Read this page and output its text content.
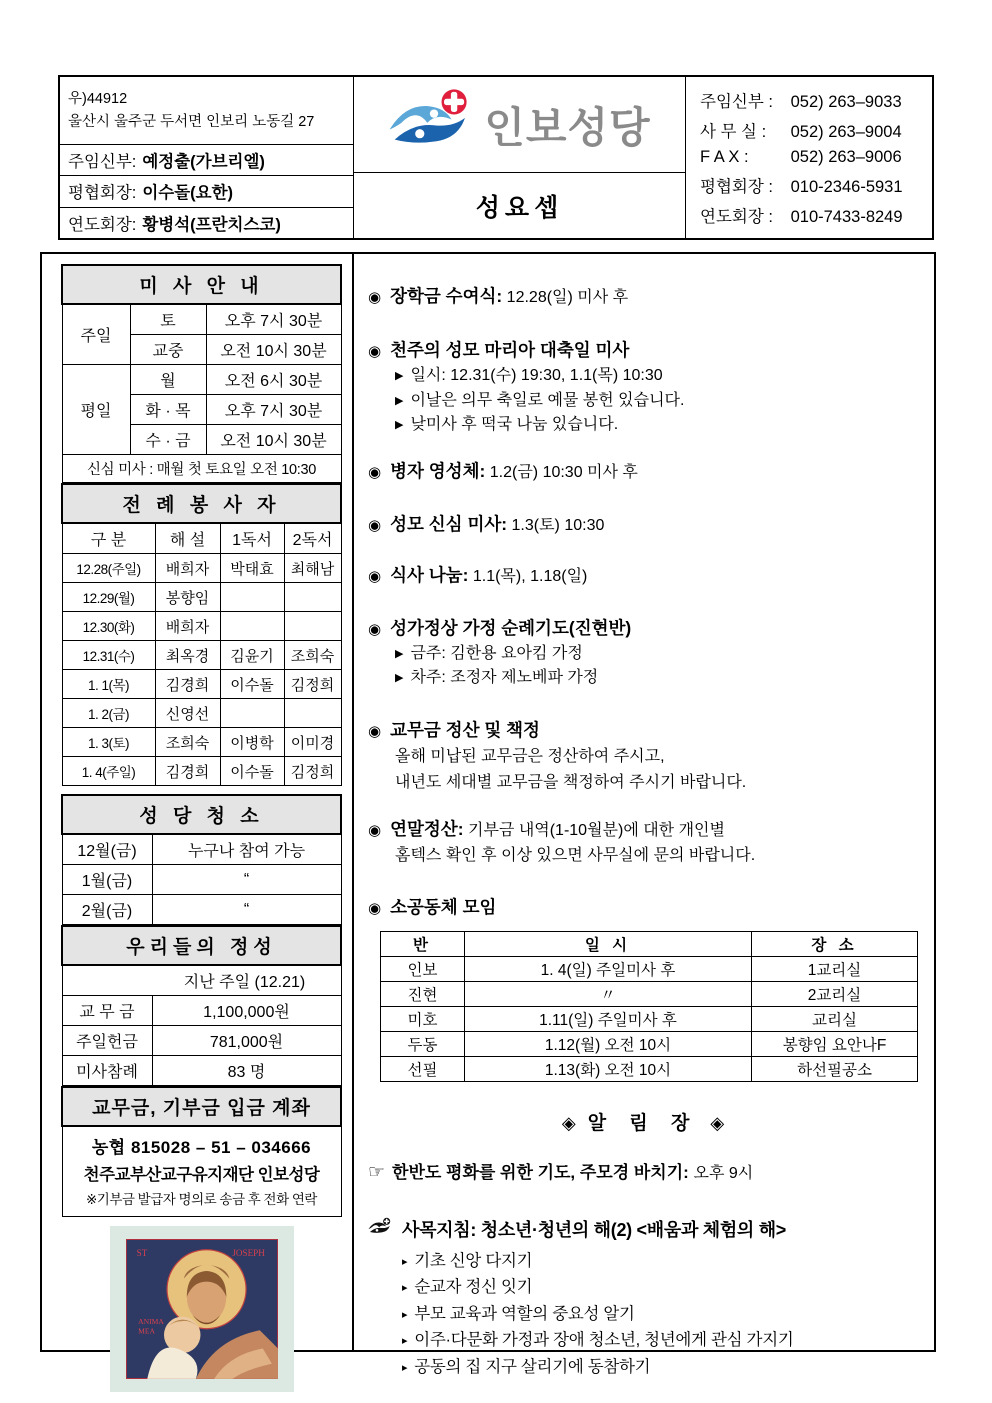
우)44912
울산시 울주군 두서면 인보리 노동길 27
주임신부: 예정출(가브리엘)
평협회장: 이수돌(요한)
연도회장: 황병석(프란치스코)
인보성당
성요셉
주임신부 : 052) 263–9033
사 무 실 : 052) 263–9004
F A X :	052) 263–9006
평협회장 : 010-2346-5931
연도회장 : 010-7433-8249
미 사 안 내		
주일	토	오후 7시 30분
	교중	오전 10시 30분
평일	월	오전 6시 30분
	화 · 목	오후 7시 30분
	수 · 금	오전 10시 30분
신심 미사 : 매월 첫 토요일 오전 10:30		
전 례 봉 사 자			
구 분	해 설	1독서	2독서
12.28(주일)	배희자	박태효	최해남
12.29(월)	봉향임		
12.30(화)	배희자		
12.31(수)	최옥경	김윤기	조희숙
1. 1(목)	김경희	이수돌	김정희
1. 2(금)	신영선		
1. 3(토)	조희숙	이병학	이미경
1. 4(주일)	김경희	이수돌	김정희
성 당 청 소	
12월(금)	누구나 참여 가능
1월(금)	“
2월(금)	“
우리들의 정성	
지난 주일 (12.21)	
교 무 금	1,100,000원
주일헌금	781,000원
미사참례	83 명
교무금, 기부금 입금 계좌

농협 815028 – 51 – 034666
천주교부산교구유지재단 인보성당
※기부금 발급자 명의로 송금 후 전화 연락
ST	JOSEPH
ANIMA
MEA
◉ 장학금 수여식: 12.28(일) 미사 후
◉ 천주의 성모 마리아 대축일 미사
▶ 일시: 12.31(수) 19:30, 1.1(목) 10:30
▶ 이날은 의무 축일로 예물 봉헌 있습니다.
▶ 낮미사 후 떡국 나눔 있습니다.
◉ 병자 영성체: 1.2(금) 10:30 미사 후
◉ 성모 신심 미사: 1.3(토) 10:30
◉ 식사 나눔: 1.1(목), 1.18(일)
◉ 성가정상 가정 순례기도(진현반)
▶ 금주: 김한용 요아킴 가정
▶ 차주: 조정자 제노베파 가정
◉ 교무금 정산 및 책정
올해 미납된 교무금은 정산하여 주시고,
내년도 세대별 교무금을 책정하여 주시기 바랍니다.
◉ 연말정산: 기부금 내역(1-10월분)에 대한 개인별
홈텍스 확인 후 이상 있으면 사무실에 문의 바랍니다.
◉ 소공동체 모임
반	일 시	장 소
인보	1. 4(일) 주일미사 후	1교리실
진현	〃	2교리실
미호	1.11(일) 주일미사 후	교리실
두동	1.12(월) 오전 10시	봉향임 요안나F
선필	1.13(화) 오전 10시	하선필공소
◈ 알 림 장 ◈
☞ 한반도 평화를 위한 기도, 주모경 바치기: 오후 9시
사목지침: 청소년·청년의 해(2) <배움과 체험의 해>
▸ 기초 신앙 다지기
▸ 순교자 정신 잇기
▸ 부모 교육과 역할의 중요성 알기
▸ 이주·다문화 가정과 장애 청소년, 청년에게 관심 가지기
▸ 공동의 집 지구 살리기에 동참하기
